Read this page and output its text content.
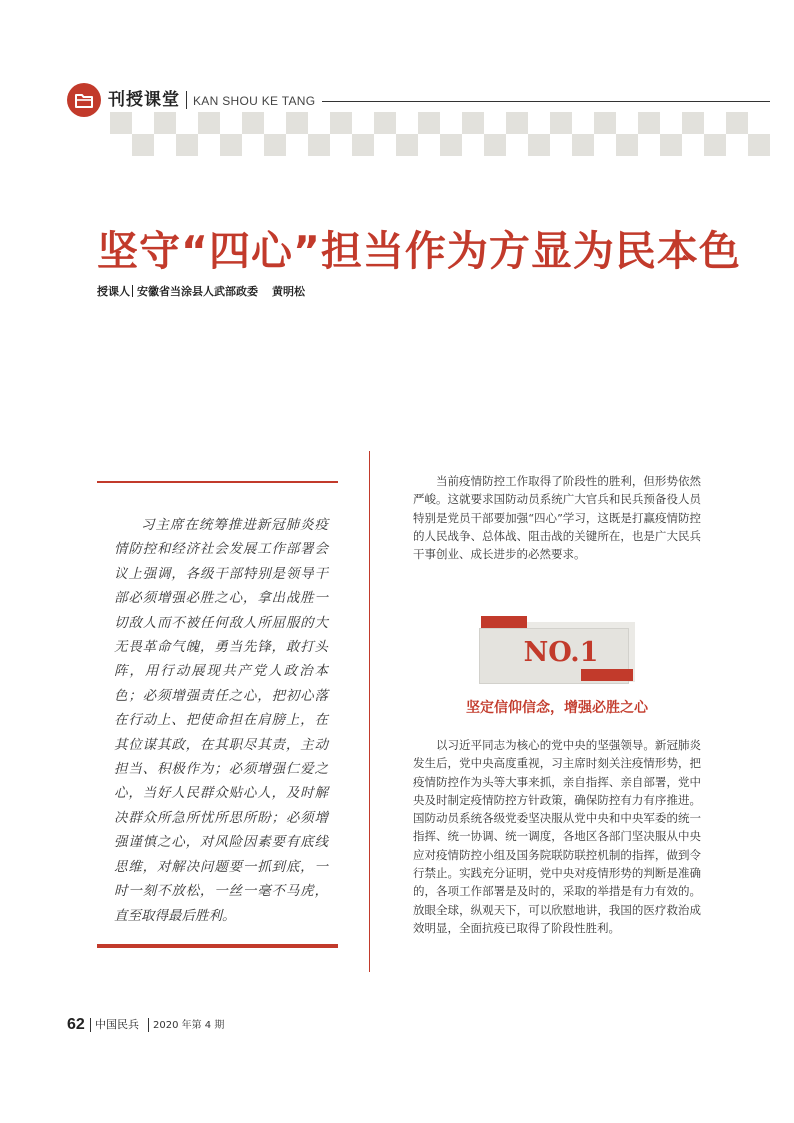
刊授课堂 KAN SHOU KE TANG
坚守“四心”担当作为方显为民本色
授课人 安徽省当涂县人武部政委 黄明松
习主席在统筹推进新冠肺炎疫情防控和经济社会发展工作部署会议上强调，各级干部特别是领导干部必须增强必胜之心，拿出战胜一切敌人而不被任何敌人所屈服的大无畏革命气魄，勇当先锋，敢打头阵，用行动展现共产党人政治本色；必须增强责任之心，把初心落在行动上、把使命担在肩膀上，在其位谋其政，在其职尽其责，主动担当、积极作为；必须增强仁爱之心，当好人民群众贴心人，及时解决群众所急所忧所思所盼；必须增强谨慎之心，对风险因素要有底线思维，对解决问题要一抓到底，一时一刻不放松，一丝一毫不马虎，直至取得最后胜利。
当前疫情防控工作取得了阶段性的胜利，但形势依然严峻。这就要求国防动员系统广大官兵和民兵预备役人员特别是党员干部要加强“四心”学习，这既是打赢疫情防控的人民战争、总体战、阻击战的关键所在，也是广大民兵干事创业、成长进步的必然要求。
NO.1
坚定信仰信念，增强必胜之心
以习近平同志为核心的党中央的坚强领导。新冠肺炎发生后，党中央高度重视，习主席时刻关注疫情形势，把疫情防控作为头等大事来抓，亲自指挥、亲自部署，党中央及时制定疫情防控方针政策，确保防控有力有序推进。国防动员系统各级党委坚决服从党中央和中央军委的统一指挥、统一协调、统一调度，各地区各部门坚决服从中央应对疫情防控小组及国务院联防联控机制的指挥，做到令行禁止。实践充分证明，党中央对疫情形势的判断是准确的，各项工作部署是及时的，采取的举措是有力有效的。放眼全球，纵观天下，可以欣慰地讲，我国的医疗救治成效明显，全面抗疫已取得了阶段性胜利。
62 中国民兵 2020 年第 4 期
